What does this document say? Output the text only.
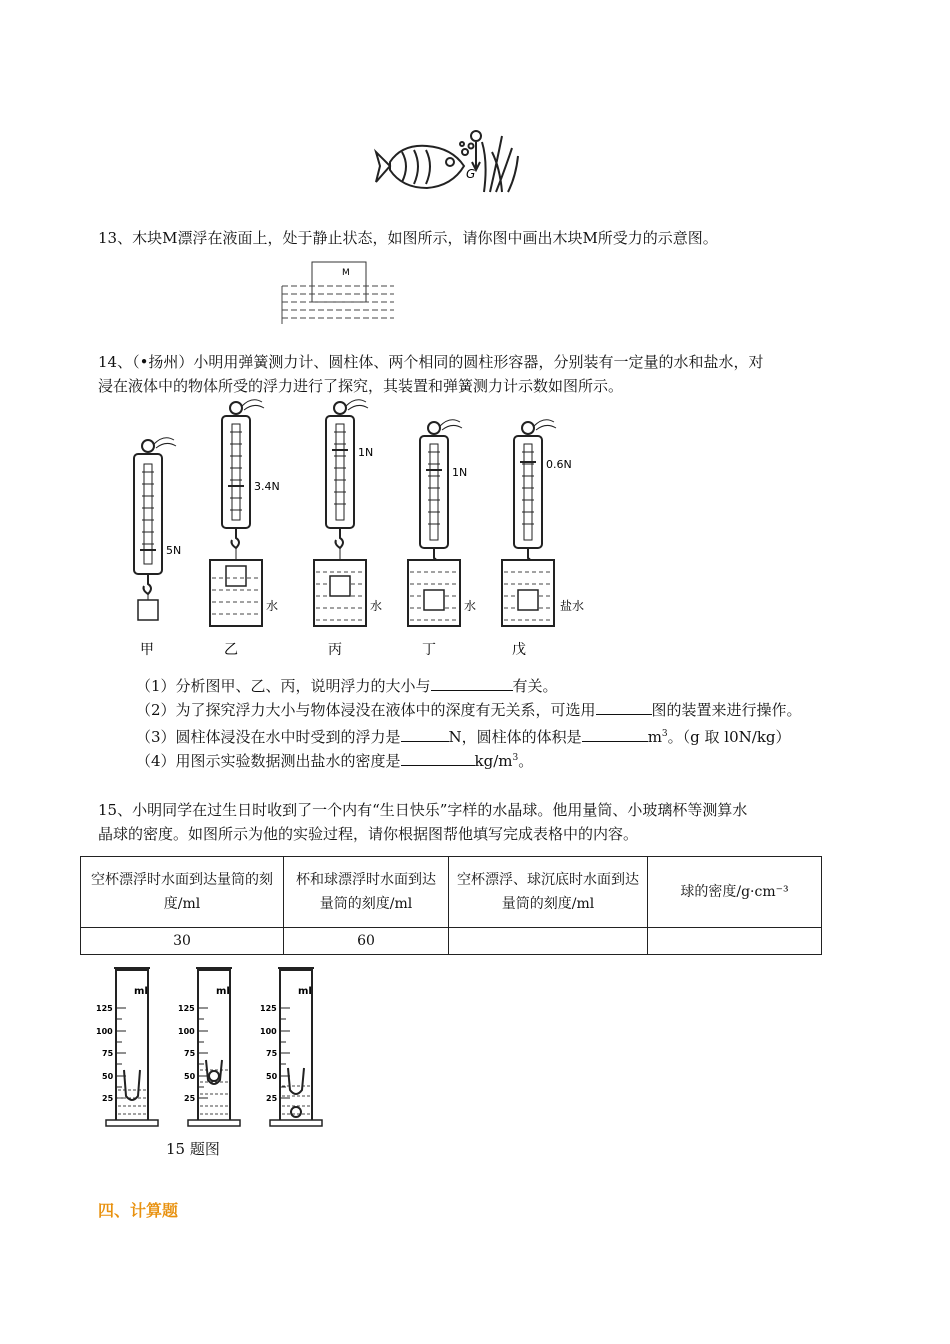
G
13、木块M漂浮在液面上，处于静止状态，如图所示，请你图中画出木块M所受力的示意图。
M
14、（•扬州）小明用弹簧测力计、圆柱体、两个相同的圆柱形容器，分别装有一定量的水和盐水，对
浸在液体中的物体所受的浮力进行了探究，其装置和弹簧测力计示数如图所示。
5N
甲
3.4N
水
乙
1N
水
丙
1N
水
丁
0.6N
盐水
戊
（1）分析图甲、乙、丙，说明浮力的大小与	有关。
（2）为了探究浮力大小与物体浸没在液体中的深度有无关系，可选用	图的装置来进行操作。
（3）圆柱体浸没在水中时受到的浮力是	N，圆柱体的体积是	$m^3$。（g 取 l0N/kg）
（4）用图示实验数据测出盐水的密度是	$kg/m^3$。
15、小明同学在过生日时收到了一个内有“生日快乐”字样的水晶球。他用量筒、小玻璃杯等测算水
晶球的密度。如图所示为他的实验过程，请你根据图帮他填写完成表格中的内容。
空杯漂浮时水面到达量筒的刻度/ml	杯和球漂浮时水面到达量筒的刻度/ml	空杯漂浮、球沉底时水面到达量筒的刻度/ml	球的密度/g·cm⁻³
30	60		
ml
125
100
75
50
25
ml
125
100
75
50
25
ml
125
100
75
50
25
15 题图
四、计算题
